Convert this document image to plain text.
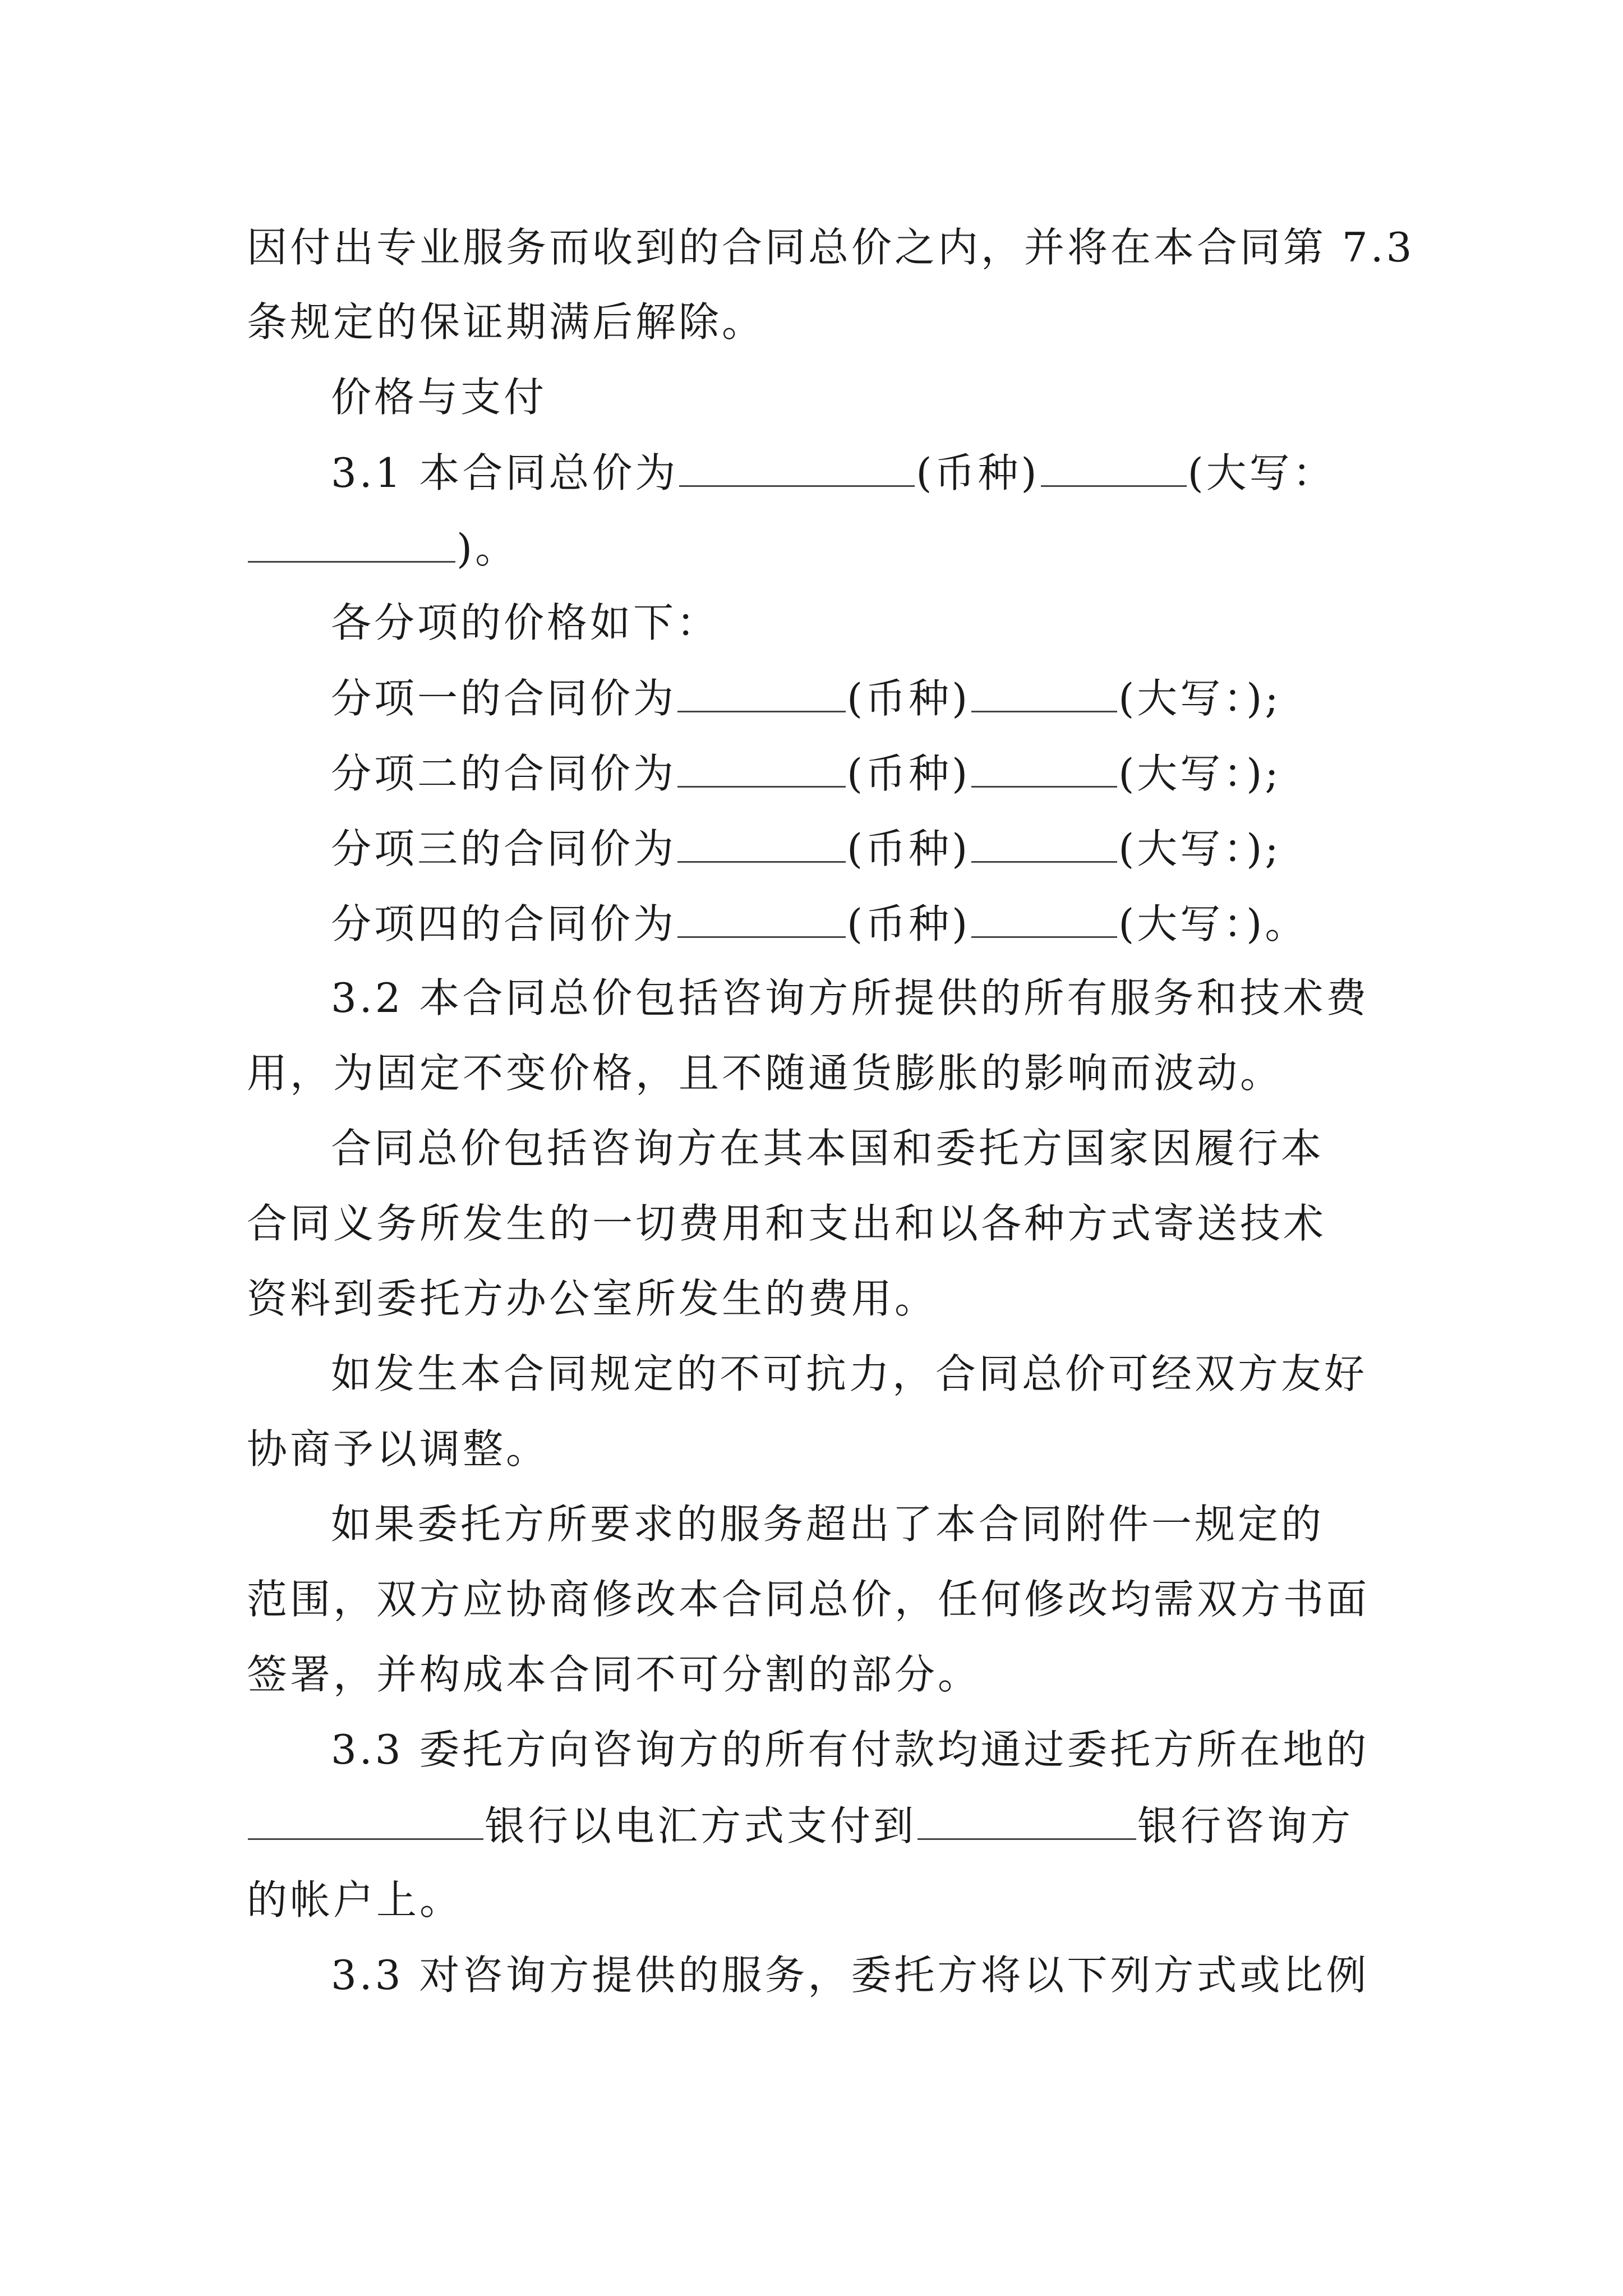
因付出专业服务而收到的合同总价之内，并将在本合同第 7.3
条规定的保证期满后解除。
价格与支付
3.1 本合同总价为	(币种)	(大写：
)。
各分项的价格如下：
分项一的合同价为	(币种)	(大写：);
分项二的合同价为	(币种)	(大写：);
分项三的合同价为	(币种)	(大写：);
分项四的合同价为	(币种)	(大写：)。
3.2 本合同总价包括咨询方所提供的所有服务和技术费
用，为固定不变价格，且不随通货膨胀的影响而波动。
合同总价包括咨询方在其本国和委托方国家因履行本
合同义务所发生的一切费用和支出和以各种方式寄送技术
资料到委托方办公室所发生的费用。
如发生本合同规定的不可抗力，合同总价可经双方友好
协商予以调整。
如果委托方所要求的服务超出了本合同附件一规定的
范围，双方应协商修改本合同总价，任何修改均需双方书面
签署，并构成本合同不可分割的部分。
3.3 委托方向咨询方的所有付款均通过委托方所在地的
银行以电汇方式支付到	银行咨询方
的帐户上。
3.3 对咨询方提供的服务，委托方将以下列方式或比例
